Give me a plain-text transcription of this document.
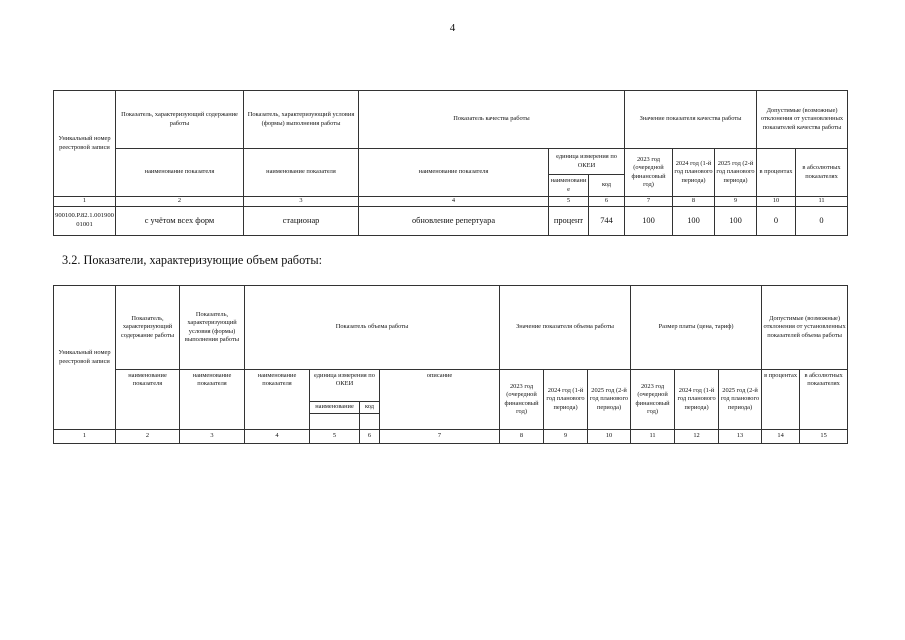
4
Уникальный номер реестровой записи	Показатель, характеризующий содержание работы	Показатель, характеризующий условия (формы) выполнения работы	Показатель качества работы			Значение показателя качества работы			Допустимые (возможные) отклонения от установленных показателей качества работы	
	наименование показателя	наименование показателя	наименование показателя	единица измерения по ОКЕИ		2023 год (очередной финансовый год)	2024 год (1-й год планового периода)	2025 год (2-й год планового периода)	в процентах	в абсолютных показателях
				наименование	код					
1	2	3	4	5	6	7	8	9	10	11
900100.Р.82.1.00190001001	с учётом всех форм	стационар	обновление репертуара	процент	744	100	100	100	0	0
3.2. Показатели, характеризующие объем работы:
Уникальный номер реестровой записи	Показатель, характеризующий содержание работы	Показатель, характеризующий условия (формы) выполнения работы	Показатель объема работы				Значение показателя объема работы			Размер платы (цена, тариф)			Допустимые (возможные) отклонения от установленных показателей объема работы	
	наименование показателя	наименование показателя	наименование показателя	единица измерения по ОКЕИ		описание	2023 год (очередной финансовый год)	2024 год (1-й год планового периода)	2025 год (2-й год планового периода)	2023 год (очередной финансовый год)	2024 год (1-й год планового периода)	2025 год (2-й год планового периода)	в процентах	в абсолютных показателях
				наименование	код									

1	2	3	4	5	6	7	8	9	10	11	12	13	14	15
